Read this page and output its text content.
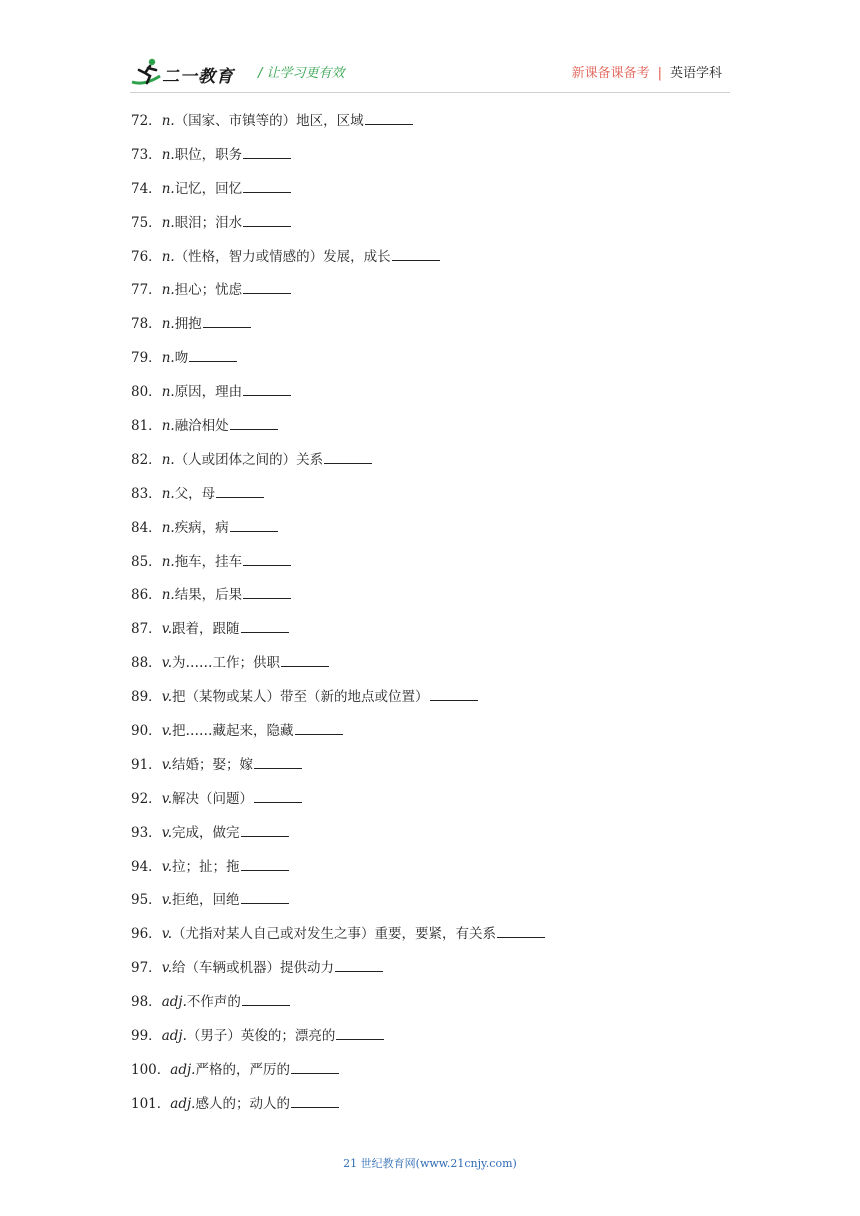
二一教育 / 让学习更有效	新课备课备考 | 英语学科
72．n.（国家、市镇等的）地区，区域
73．n.职位，职务
74．n.记忆，回忆
75．n.眼泪；泪水
76．n.（性格，智力或情感的）发展，成长
77．n.担心；忧虑
78．n.拥抱
79．n.吻
80．n.原因，理由
81．n.融洽相处
82．n.（人或团体之间的）关系
83．n.父，母
84．n.疾病，病
85．n.拖车，挂车
86．n.结果，后果
87．v.跟着，跟随
88．v.为……工作；供职
89．v.把（某物或某人）带至（新的地点或位置）
90．v.把……藏起来，隐藏
91．v.结婚；娶；嫁
92．v.解决（问题）
93．v.完成，做完
94．v.拉；扯；拖
95．v.拒绝，回绝
96．v.（尤指对某人自己或对发生之事）重要，要紧，有关系
97．v.给（车辆或机器）提供动力
98．adj.不作声的
99．adj.（男子）英俊的；漂亮的
100．adj.严格的，严厉的
101．adj.感人的；动人的
21 世纪教育网(www.21cnjy.com)
